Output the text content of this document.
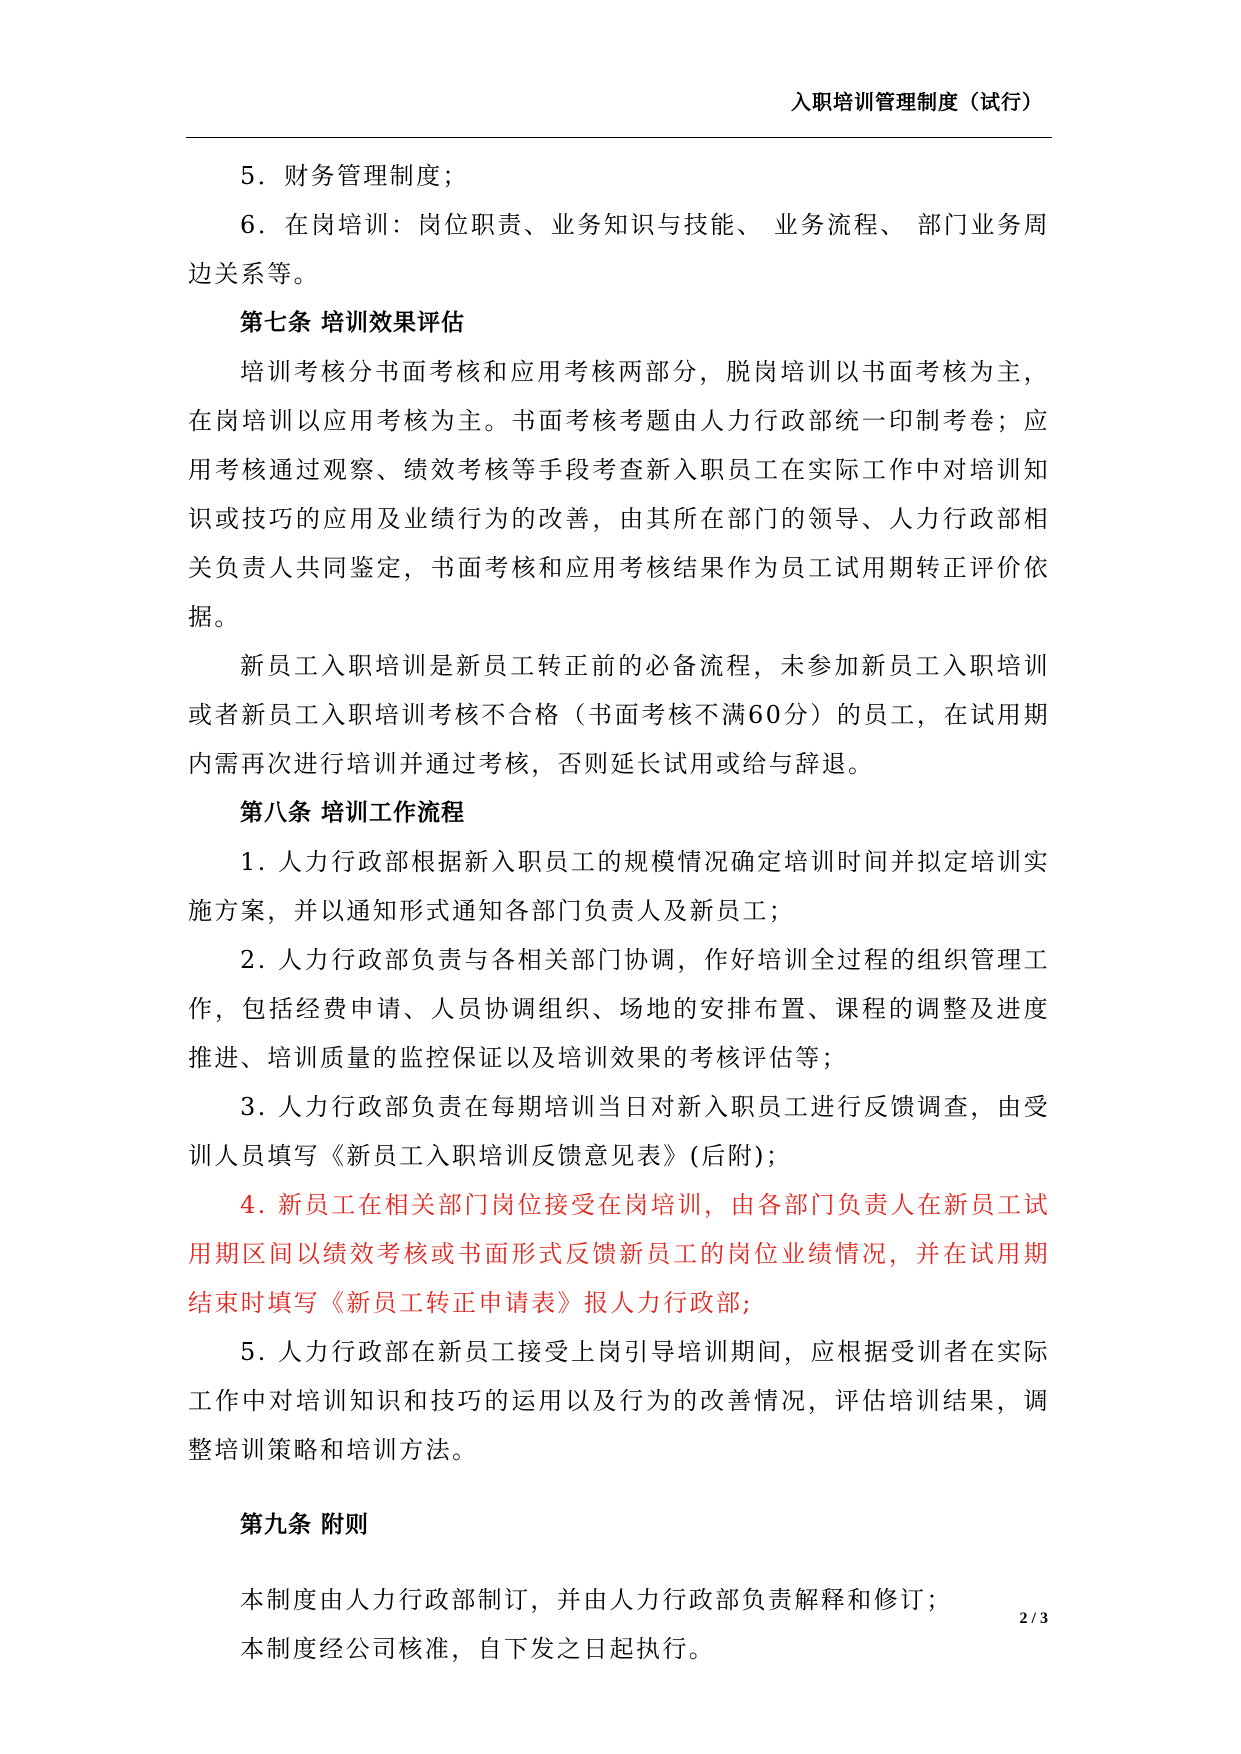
入职培训管理制度（试行）

5．财务管理制度；

6．在岗培训：岗位职责、业务知识与技能、 业务流程、 部门业务周边关系等。

第七条 培训效果评估

培训考核分书面考核和应用考核两部分，脱岗培训以书面考核为主，在岗培训以应用考核为主。书面考核考题由人力行政部统一印制考卷；应用考核通过观察、绩效考核等手段考查新入职员工在实际工作中对培训知识或技巧的应用及业绩行为的改善，由其所在部门的领导、人力行政部相关负责人共同鉴定，书面考核和应用考核结果作为员工试用期转正评价依据。

新员工入职培训是新员工转正前的必备流程，未参加新员工入职培训或者新员工入职培训考核不合格（书面考核不满60分）的员工，在试用期内需再次进行培训并通过考核，否则延长试用或给与辞退。

第八条 培训工作流程

1. 人力行政部根据新入职员工的规模情况确定培训时间并拟定培训实施方案，并以通知形式通知各部门负责人及新员工；

2. 人力行政部负责与各相关部门协调，作好培训全过程的组织管理工作，包括经费申请、人员协调组织、场地的安排布置、课程的调整及进度推进、培训质量的监控保证以及培训效果的考核评估等；

3. 人力行政部负责在每期培训当日对新入职员工进行反馈调查，由受训人员填写《新员工入职培训反馈意见表》(后附)；

4. 新员工在相关部门岗位接受在岗培训，由各部门负责人在新员工试用期区间以绩效考核或书面形式反馈新员工的岗位业绩情况，并在试用期结束时填写《新员工转正申请表》报人力行政部;

5. 人力行政部在新员工接受上岗引导培训期间，应根据受训者在实际工作中对培训知识和技巧的运用以及行为的改善情况，评估培训结果，调整培训策略和培训方法。

第九条 附则

本制度由人力行政部制订，并由人力行政部负责解释和修订；

本制度经公司核准，自下发之日起执行。

2 / 3
